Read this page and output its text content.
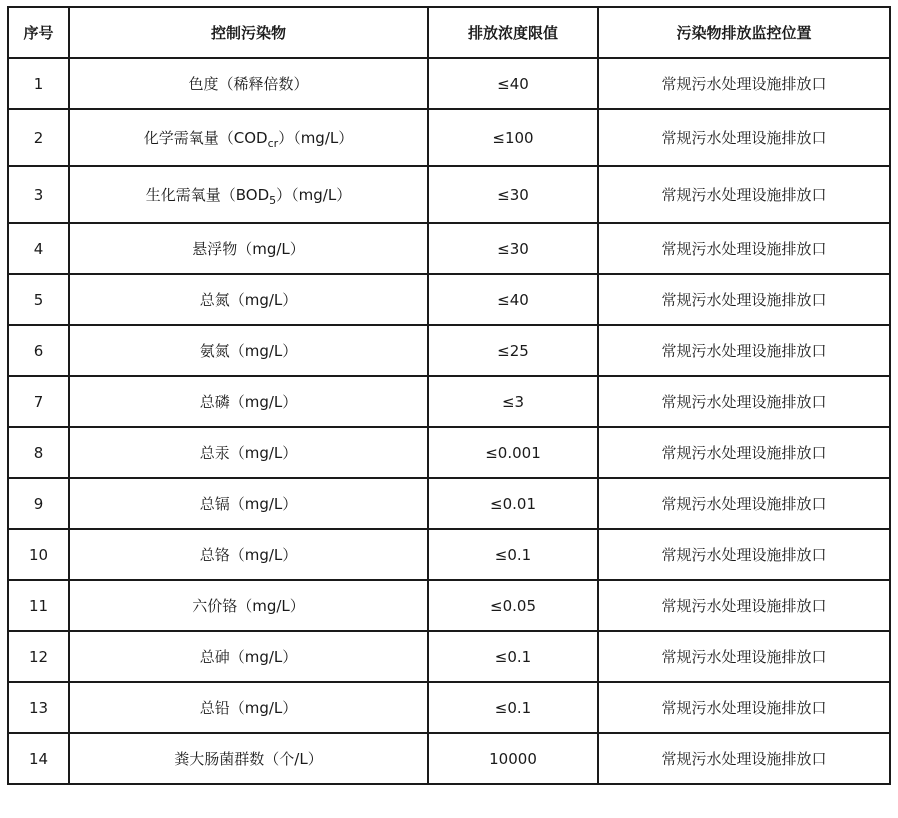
序号	控制污染物	排放浓度限值	污染物排放监控位置
1	色度（稀释倍数）	≤40	常规污水处理设施排放口
2	化学需氧量$(COD_{cr})(mg/L)$	≤100	常规污水处理设施排放口
3	生化需氧量$(BOD_5)(mg/L)$	≤30	常规污水处理设施排放口
4	悬浮物（mg/L）	≤30	常规污水处理设施排放口
5	总氮（mg/L）	≤40	常规污水处理设施排放口
6	氨氮（mg/L）	≤25	常规污水处理设施排放口
7	总磷（mg/L）	≤3	常规污水处理设施排放口
8	总汞（mg/L）	≤0.001	常规污水处理设施排放口
9	总镉（mg/L）	≤0.01	常规污水处理设施排放口
10	总铬（mg/L）	≤0.1	常规污水处理设施排放口
11	六价铬（mg/L）	≤0.05	常规污水处理设施排放口
12	总砷（mg/L）	≤0.1	常规污水处理设施排放口
13	总铅（mg/L）	≤0.1	常规污水处理设施排放口
14	粪大肠菌群数（个/L）	10000	常规污水处理设施排放口
